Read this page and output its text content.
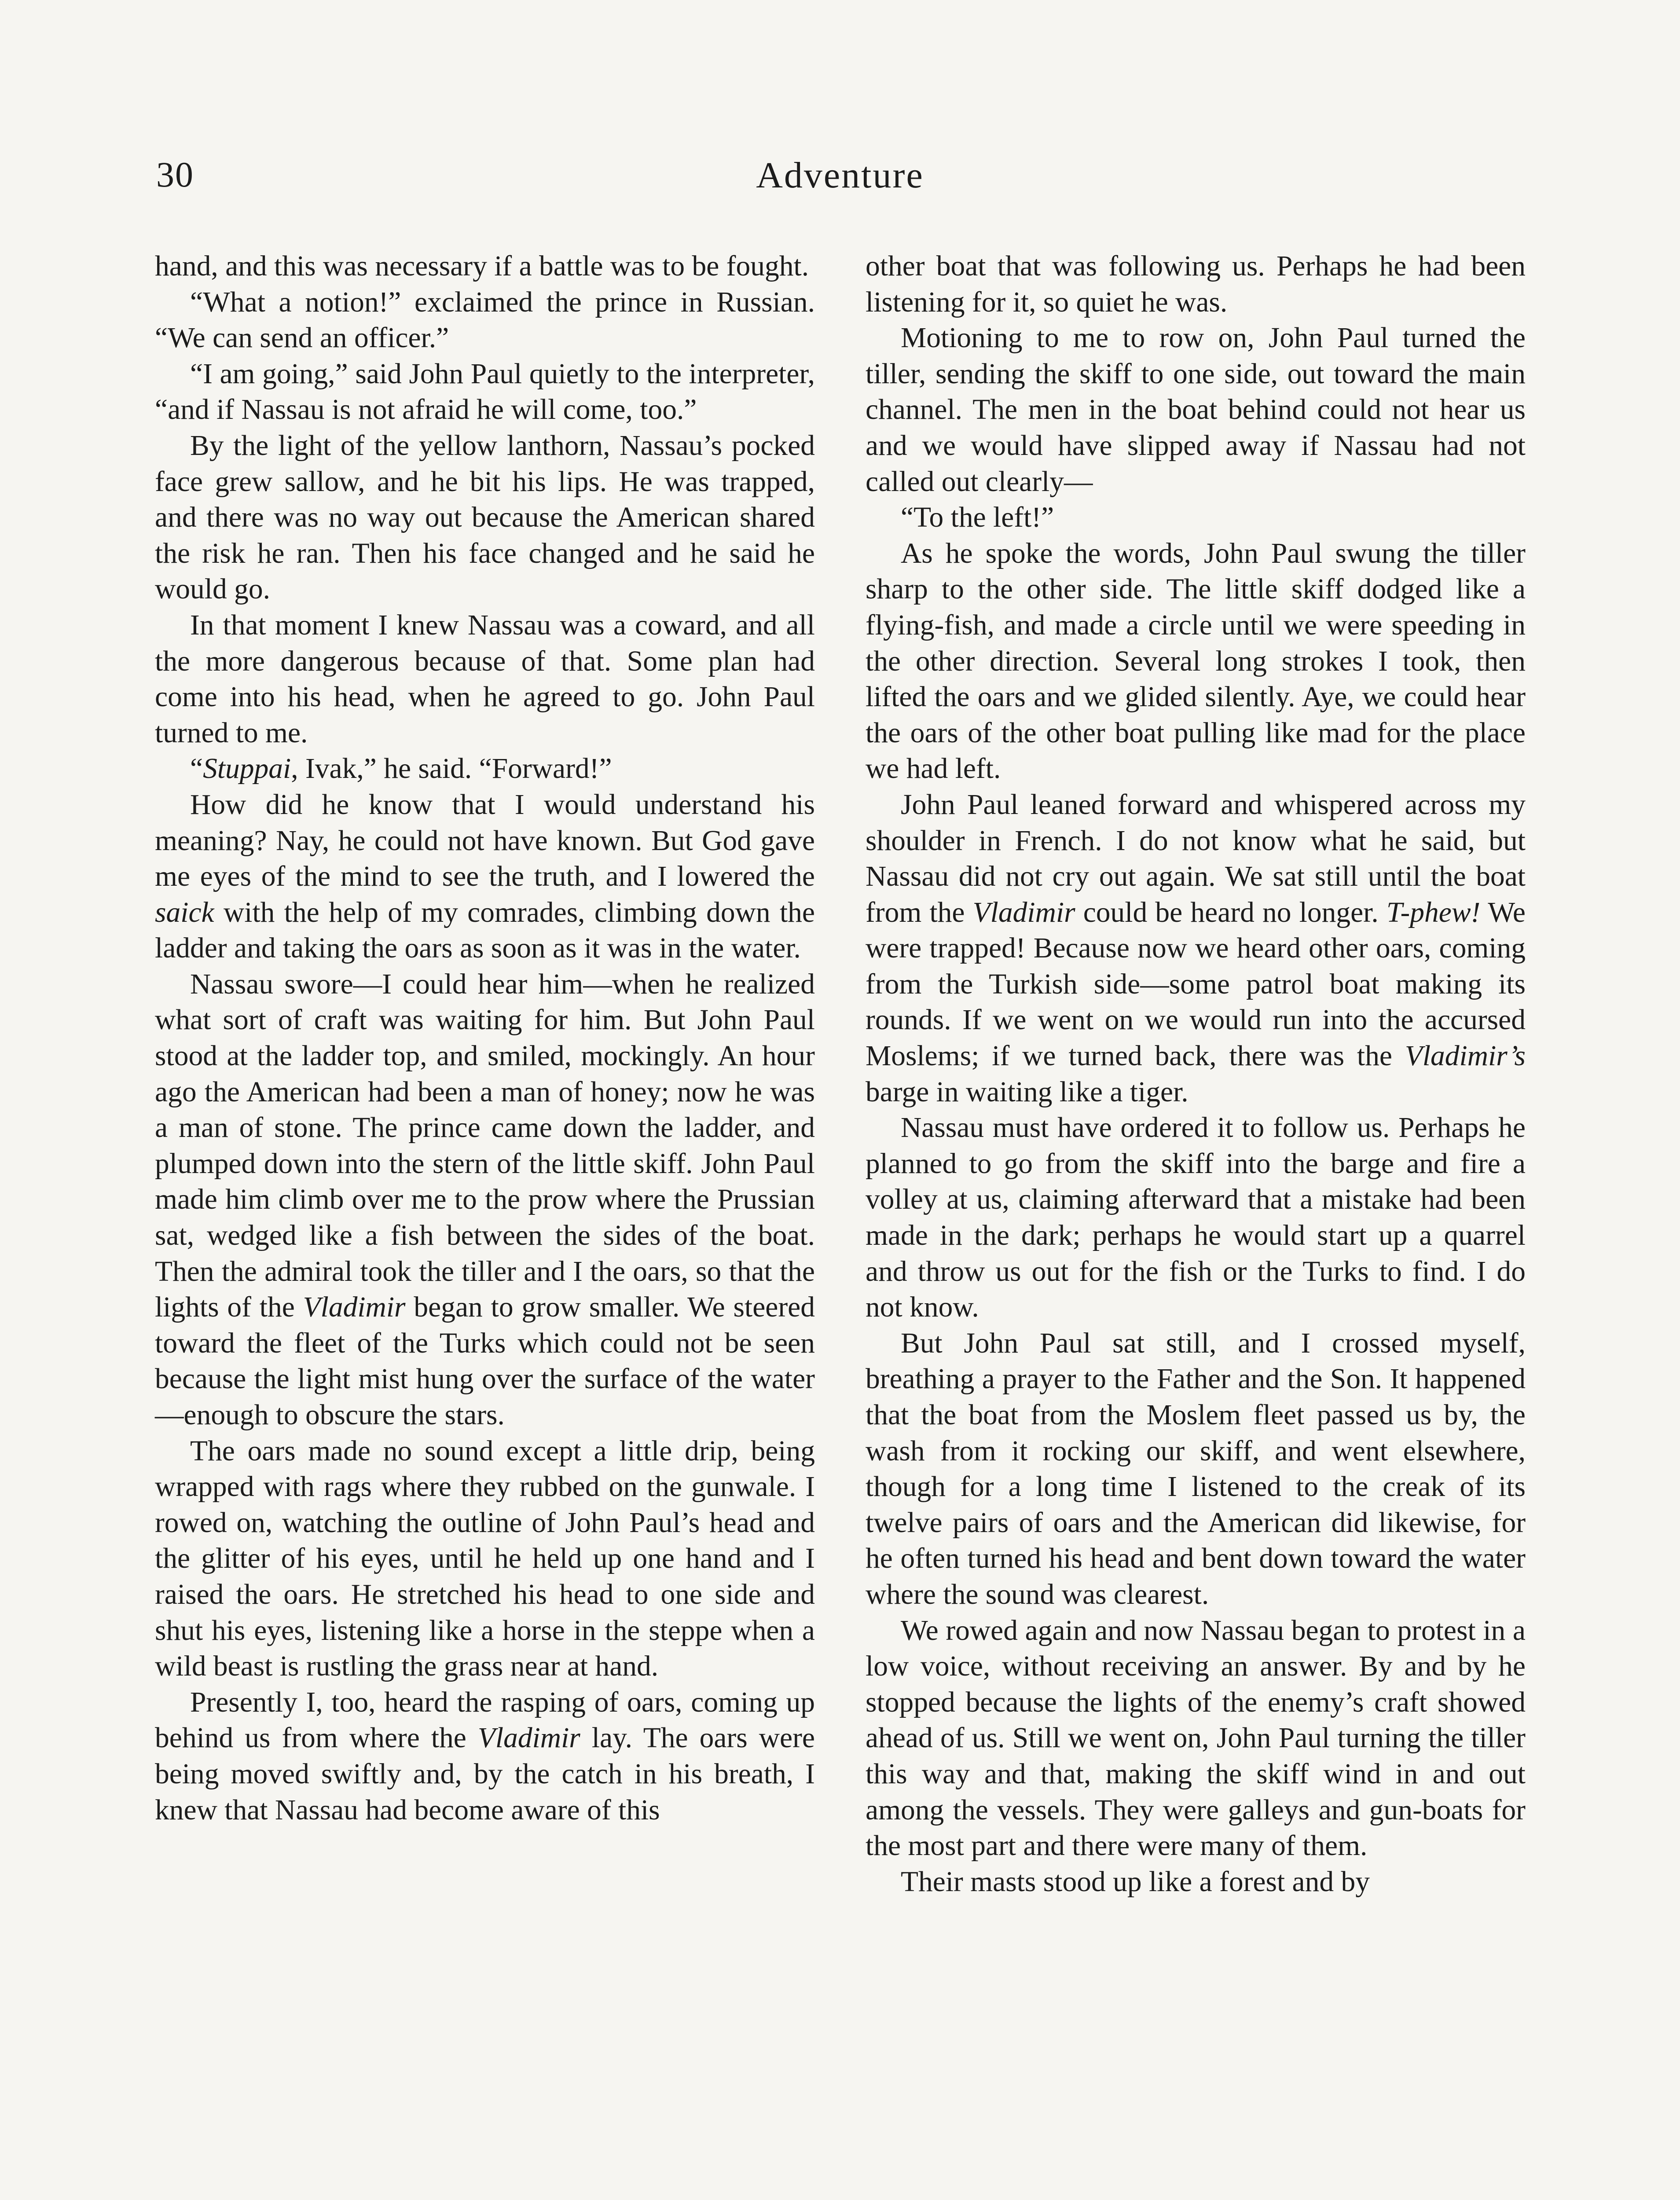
Adventure
30

hand, and this was necessary if a battle was to be fought.

“What a notion!” exclaimed the prince in Russian. “We can send an officer.”

“I am going,” said John Paul quietly to the interpreter, “and if Nassau is not afraid he will come, too.”

By the light of the yellow lanthorn, Nassau’s pocked face grew sallow, and he bit his lips. He was trapped, and there was no way out because the American shared the risk he ran. Then his face changed and he said he would go.

In that moment I knew Nassau was a coward, and all the more dangerous because of that. Some plan had come into his head, when he agreed to go. John Paul turned to me.

“Stuppai, Ivak,” he said. “Forward!”

How did he know that I would understand his meaning? Nay, he could not have known. But God gave me eyes of the mind to see the truth, and I lowered the saick with the help of my comrades, climbing down the ladder and taking the oars as soon as it was in the water.

Nassau swore—I could hear him—when he realized what sort of craft was waiting for him. But John Paul stood at the ladder top, and smiled, mockingly. An hour ago the American had been a man of honey; now he was a man of stone. The prince came down the ladder, and plumped down into the stern of the little skiff. John Paul made him climb over me to the prow where the Prussian sat, wedged like a fish between the sides of the boat. Then the admiral took the tiller and I the oars, so that the lights of the Vladimir began to grow smaller. We steered toward the fleet of the Turks which could not be seen because the light mist hung over the surface of the water—enough to obscure the stars.

The oars made no sound except a little drip, being wrapped with rags where they rubbed on the gunwale. I rowed on, watching the outline of John Paul’s head and the glitter of his eyes, until he held up one hand and I raised the oars. He stretched his head to one side and shut his eyes, listening like a horse in the steppe when a wild beast is rustling the grass near at hand.

Presently I, too, heard the rasping of oars, coming up behind us from where the Vladimir lay. The oars were being moved swiftly and, by the catch in his breath, I knew that Nassau had become aware of this

other boat that was following us. Perhaps he had been listening for it, so quiet he was.

Motioning to me to row on, John Paul turned the tiller, sending the skiff to one side, out toward the main channel. The men in the boat behind could not hear us and we would have slipped away if Nassau had not called out clearly—

“To the left!”

As he spoke the words, John Paul swung the tiller sharp to the other side. The little skiff dodged like a flying-fish, and made a circle until we were speeding in the other direction. Several long strokes I took, then lifted the oars and we glided silently. Aye, we could hear the oars of the other boat pulling like mad for the place we had left.

John Paul leaned forward and whispered across my shoulder in French. I do not know what he said, but Nassau did not cry out again. We sat still until the boat from the Vladimir could be heard no longer. T-phew! We were trapped! Because now we heard other oars, coming from the Turkish side—some patrol boat making its rounds. If we went on we would run into the accursed Moslems; if we turned back, there was the Vladimir’s barge in waiting like a tiger.

Nassau must have ordered it to follow us. Perhaps he planned to go from the skiff into the barge and fire a volley at us, claiming afterward that a mistake had been made in the dark; perhaps he would start up a quarrel and throw us out for the fish or the Turks to find. I do not know.

But John Paul sat still, and I crossed myself, breathing a prayer to the Father and the Son. It happened that the boat from the Moslem fleet passed us by, the wash from it rocking our skiff, and went elsewhere, though for a long time I listened to the creak of its twelve pairs of oars and the American did likewise, for he often turned his head and bent down toward the water where the sound was clearest.

We rowed again and now Nassau began to protest in a low voice, without receiving an answer. By and by he stopped because the lights of the enemy’s craft showed ahead of us. Still we went on, John Paul turning the tiller this way and that, making the skiff wind in and out among the vessels. They were galleys and gun-boats for the most part and there were many of them.

Their masts stood up like a forest and by
